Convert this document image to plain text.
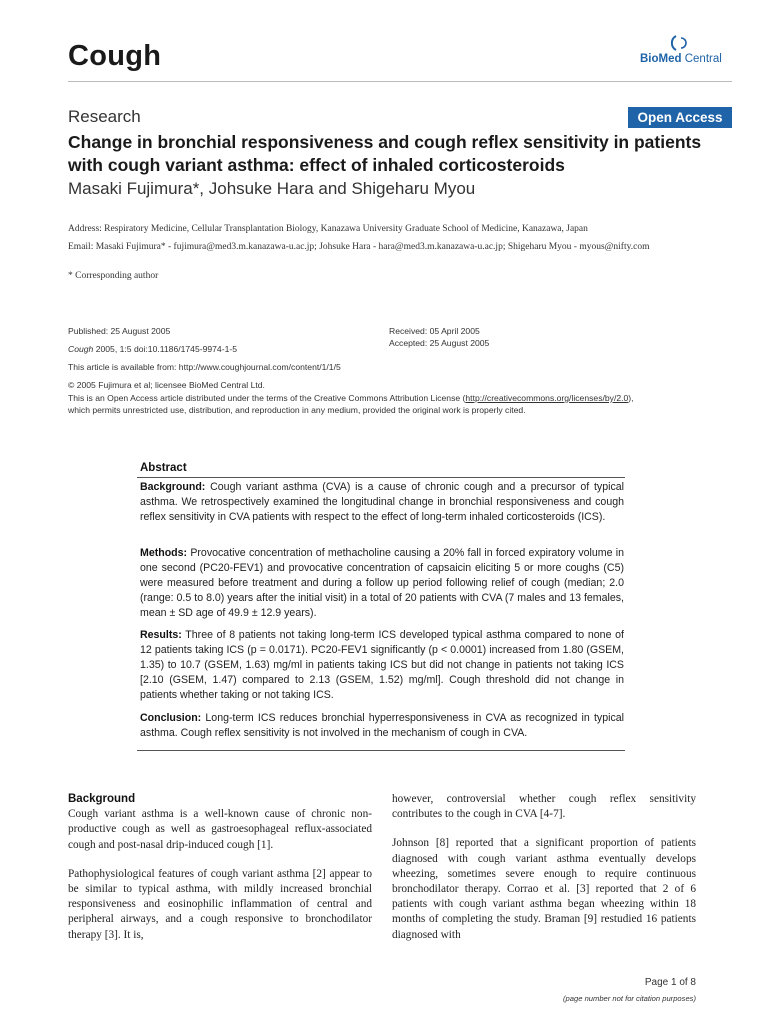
Cough	BioMed Central
Research	Open Access
Change in bronchial responsiveness and cough reflex sensitivity in patients with cough variant asthma: effect of inhaled corticosteroids
Masaki Fujimura*, Johsuke Hara and Shigeharu Myou
Address: Respiratory Medicine, Cellular Transplantation Biology, Kanazawa University Graduate School of Medicine, Kanazawa, Japan
Email: Masaki Fujimura* - fujimura@med3.m.kanazawa-u.ac.jp; Johsuke Hara - hara@med3.m.kanazawa-u.ac.jp; Shigeharu Myou - myous@nifty.com
* Corresponding author
Published: 25 August 2005
Cough 2005, 1:5 doi:10.1186/1745-9974-1-5
Received: 05 April 2005
Accepted: 25 August 2005
This article is available from: http://www.coughjournal.com/content/1/1/5
© 2005 Fujimura et al; licensee BioMed Central Ltd.
This is an Open Access article distributed under the terms of the Creative Commons Attribution License (http://creativecommons.org/licenses/by/2.0),
which permits unrestricted use, distribution, and reproduction in any medium, provided the original work is properly cited.
Abstract
Background: Cough variant asthma (CVA) is a cause of chronic cough and a precursor of typical asthma. We retrospectively examined the longitudinal change in bronchial responsiveness and cough reflex sensitivity in CVA patients with respect to the effect of long-term inhaled corticosteroids (ICS).
Methods: Provocative concentration of methacholine causing a 20% fall in forced expiratory volume in one second (PC20-FEV1) and provocative concentration of capsaicin eliciting 5 or more coughs (C5) were measured before treatment and during a follow up period following relief of cough (median; 2.0 (range: 0.5 to 8.0) years after the initial visit) in a total of 20 patients with CVA (7 males and 13 females, mean ± SD age of 49.9 ± 12.9 years).
Results: Three of 8 patients not taking long-term ICS developed typical asthma compared to none of 12 patients taking ICS (p = 0.0171). PC20-FEV1 significantly (p < 0.0001) increased from 1.80 (GSEM, 1.35) to 10.7 (GSEM, 1.63) mg/ml in patients taking ICS but did not change in patients not taking ICS [2.10 (GSEM, 1.47) compared to 2.13 (GSEM, 1.52) mg/ml]. Cough threshold did not change in patients whether taking or not taking ICS.
Conclusion: Long-term ICS reduces bronchial hyperresponsiveness in CVA as recognized in typical asthma. Cough reflex sensitivity is not involved in the mechanism of cough in CVA.
Background

Cough variant asthma is a well-known cause of chronic non-productive cough as well as gastroesophageal reflux-associated cough and post-nasal drip-induced cough [1].

Pathophysiological features of cough variant asthma [2] appear to be similar to typical asthma, with mildly increased bronchial responsiveness and eosinophilic inflammation of central and peripheral airways, and a cough responsive to bronchodilator therapy [3]. It is,

however, controversial whether cough reflex sensitivity contributes to the cough in CVA [4-7].

Johnson [8] reported that a significant proportion of patients diagnosed with cough variant asthma eventually develops wheezing, sometimes severe enough to require continuous bronchodilator therapy. Corrao et al. [3] reported that 2 of 6 patients with cough variant asthma began wheezing within 18 months of completing the study. Braman [9] restudied 16 patients diagnosed with

Page 1 of 8
(page number not for citation purposes)
